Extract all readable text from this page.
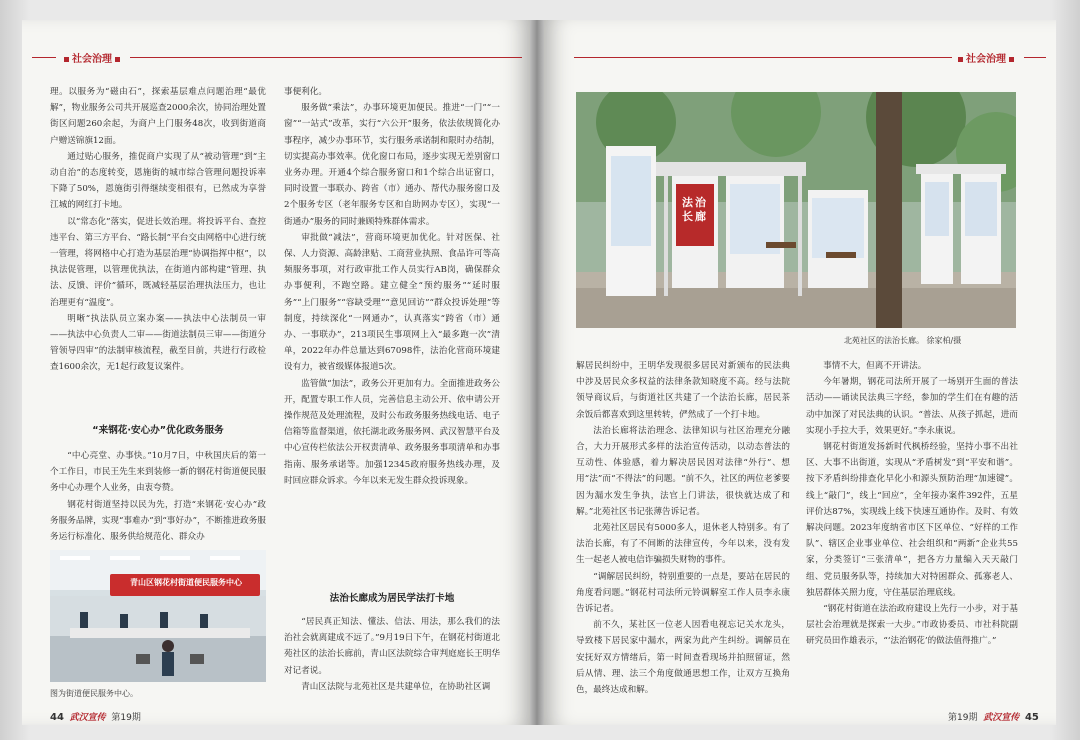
社会治理

理。以服务为“磁由石”，探索基层难点问题治理“最优解”，物业服务公司共开展巡查2000余次，协同治理处置街区问题260余起，为商户上门服务48次，收到街道商户赠送锦旗12面。

通过贴心服务，推促商户实现了从“被动管理”到“主动自治”的态度转变，恩施街的城市综合管理问题投诉率下降了50%，恩施街引得继续变相很有，已然成为享誉江城的网红打卡地。

以“常态化”落实，促进长效治理。将投诉平台、查控违平台、第三方平台、“路长制”平台交由网格中心进行统一管理，将网格中心打造为基层治理“协调指挥中枢”，以执法促管理，以管理优执法，在街道内部构建“管理、执法、反馈、评价”循环，既减轻基层治理执法压力，也让治理更有“温度”。

明晰“执法队员立案办案——执法中心法制员一审——执法中心负责人二审——街道法制员三审——街道分管领导四审”的法制审核流程，截至目前，共进行行政检查1600余次，无1起行政复议案件。

“来钢花·安心办”优化政务服务

“中心亮堂、办事快。”10月7日，中秋国庆后的第一个工作日，市民王先生来到装修一新的钢花村街道便民服务中心办理个人业务，由衷夸赞。

钢花村街道坚持以民为先，打造“来钢花·安心办”政务服务品牌，实现“事难办”到“事好办”，不断推进政务服务运行标准化、服务供给规范化、群众办

青山区钢花村街道便民服务中心
图为街道便民服务中心。

事便利化。

服务做“乘法”，办事环境更加便民。推进“一门”“一窗”“一站式”改革，实行“六公开”服务，依法依规简化办事程序，减少办事环节，实行服务承诺制和限时办结制，切实提高办事效率。优化窗口布局，逐步实现无差别窗口业务办理。开通4个综合服务窗口和1个综合出证窗口，同时设置一事联办、跨省（市）通办、帮代办服务窗口及2个服务专区（老年服务专区和自助网办专区），实现“一街通办”服务的同时兼顾特殊群体需求。

审批做“减法”，营商环境更加优化。针对医保、社保、人力资源、高龄津贴、工商营业执照、食品许可等高频服务事项，对行政审批工作人员实行AB岗，确保群众办事便利，不跑空路。建立健全“预约服务”“延时服务”“上门服务”“容缺受理”“意见回访”“群众投诉处理”等制度，持续深化“一网通办”，认真落实“跨省（市）通办、一事联办”，213项民生事项网上入“最多跑一次”清单，2022年办件总量达到67098件，法治化营商环境建设有力，被省级媒体报道5次。

监管做“加法”，政务公开更加有力。全面推进政务公开，配置专职工作人员，完善信息主动公开、依申请公开操作规范及处理流程，及时公布政务服务热线电话、电子信箱等监督渠道，依托湖北政务服务网、武汉智慧平台及中心宣传栏依法公开权责清单、政务服务事项清单和办事指南、服务承诺等。加强12345政府服务热线办理，及时回应群众诉求。今年以来无发生群众投诉现象。

法治长廊成为居民学法打卡地

“居民真正知法、懂法、信法、用法，那么我们的法治社会就离建成不远了。”9月19日下午，在钢花村街道北苑社区的法治长廊前，青山区法院综合审判庭庭长王明华对记者说。

青山区法院与北苑社区是共建单位，在协助社区调

44 武汉宣传 第19期
社会治理
法治长廊
北苑社区的法治长廊。 徐家柏/摄

解居民纠纷中，王明华发现很多居民对新颁布的民法典中涉及居民众多权益的法律条款知晓度不高。经与法院领导商议后，与街道社区共建了一个法治长廊，居民茶余饭后都喜欢到这里转转，俨然成了一个打卡地。

法治长廊将法治理念、法律知识与社区治理充分融合，大力开展形式多样的法治宣传活动，以动态普法的互动性、体验感，着力解决居民因对法律“外行”、想用“法”而“不得法”的问题。“前不久，社区的两位老爹要因为漏水发生争执，法官上门讲法，很快就达成了和解。”北苑社区书记张薄告诉记者。

北苑社区居民有5000多人，退休老人特别多。有了法治长廊，有了不间断的法律宣传，今年以来，没有发生一起老人被电信诈骗损失财物的事件。

“调解居民纠纷，特别重要的一点是，要站在居民的角度看问题。”钢花村司法所元铃调解室工作人员李永康告诉记者。

前不久，某社区一位老人因看电视忘记关水龙头，导致楼下居民家中漏水，两家为此产生纠纷。调解员在安抚好双方情绪后，第一时间查看现场并拍照留证，然后从情、理、法三个角度做通思想工作，让双方互换角色，最终达成和解。

事情不大，但离不开讲法。

今年暑期，钢花司法所开展了一场别开生面的普法活动——诵读民法典三字经，参加的学生们在有趣的活动中加深了对民法典的认识。“普法、从孩子抓起，进而实现小手拉大手，效果更好。”李永康说。

钢花村街道发扬新时代枫桥经验，坚持小事不出社区、大事不出街道，实现从“矛盾树发”到“平安和谐”。按下矛盾纠纷排查化早化小和源头预防治理“加速键”。线上“敲门”，线上“回应”，全年接办案件392件，五星评价达87%，实现线上线下快速互通协作。及时、有效解决问题。2023年度纳省市区下区单位、“好样的工作队”、辖区企业事业单位、社会组织和“两新”企业共55家，分类签订“三张清单”，把各方力量编入天天敲门组、党员服务队等，持续加大对特困群众、孤寡老人、独居群体关照力度，守住基层治理底线。

“钢花村街道在法治政府建设上先行一小步，对于基层社会治理就是探索一大步。”市政协委员、市社科院副研究员田作雄表示，“‘法治钢花’的做法值得推广。”

第19期 武汉宣传 45
